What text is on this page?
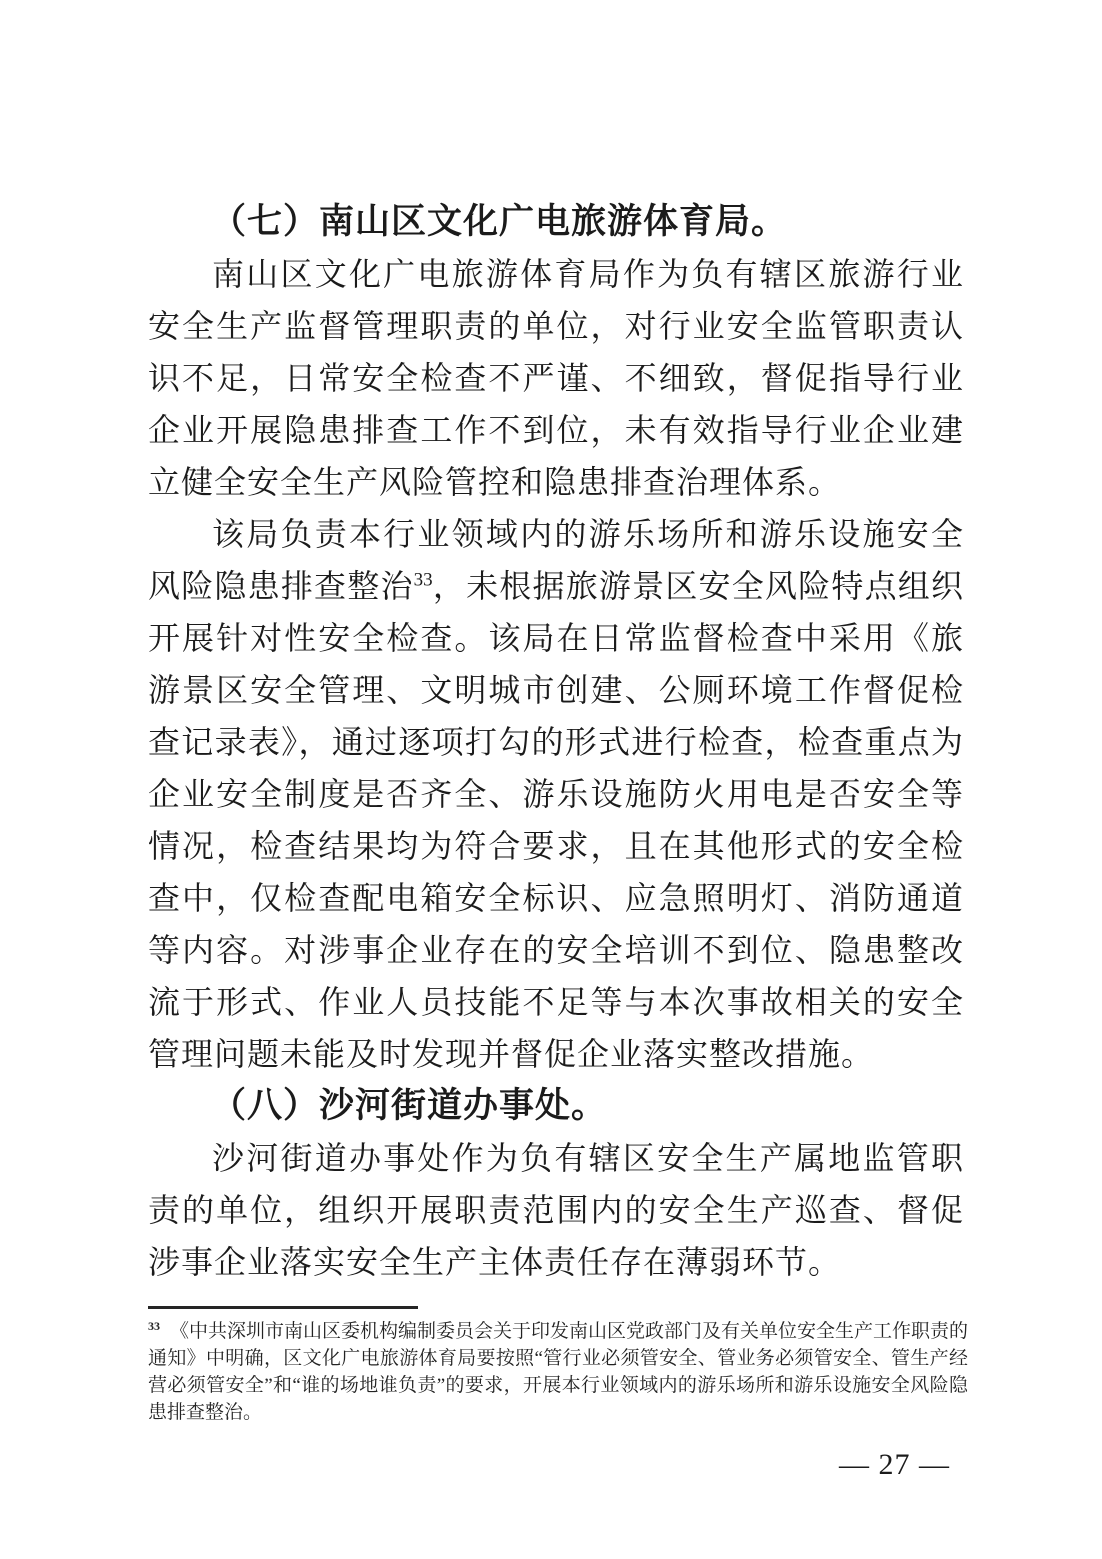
（七）南山区文化广电旅游体育局。

南山区文化广电旅游体育局作为负有辖区旅游行业安全生产监督管理职责的单位，对行业安全监管职责认识不足，日常安全检查不严谨、不细致，督促指导行业企业开展隐患排查工作不到位，未有效指导行业企业建立健全安全生产风险管控和隐患排查治理体系。

该局负责本行业领域内的游乐场所和游乐设施安全风险隐患排查整治$^{33}$，未根据旅游景区安全风险特点组织开展针对性安全检查。该局在日常监督检查中采用《旅游景区安全管理、文明城市创建、公厕环境工作督促检查记录表》，通过逐项打勾的形式进行检查，检查重点为企业安全制度是否齐全、游乐设施防火用电是否安全等情况，检查结果均为符合要求，且在其他形式的安全检查中，仅检查配电箱安全标识、应急照明灯、消防通道等内容。对涉事企业存在的安全培训不到位、隐患整改流于形式、作业人员技能不足等与本次事故相关的安全管理问题未能及时发现并督促企业落实整改措施。

（八）沙河街道办事处。

沙河街道办事处作为负有辖区安全生产属地监管职责的单位，组织开展职责范围内的安全生产巡查、督促涉事企业落实安全生产主体责任存在薄弱环节。

$^{33}$ 《中共深圳市南山区委机构编制委员会关于印发南山区党政部门及有关单位安全生产工作职责的通知》中明确，区文化广电旅游体育局要按照“管行业必须管安全、管业务必须管安全、管生产经营必须管安全”和“谁的场地谁负责”的要求，开展本行业领域内的游乐场所和游乐设施安全风险隐患排查整治。

— 27 —
